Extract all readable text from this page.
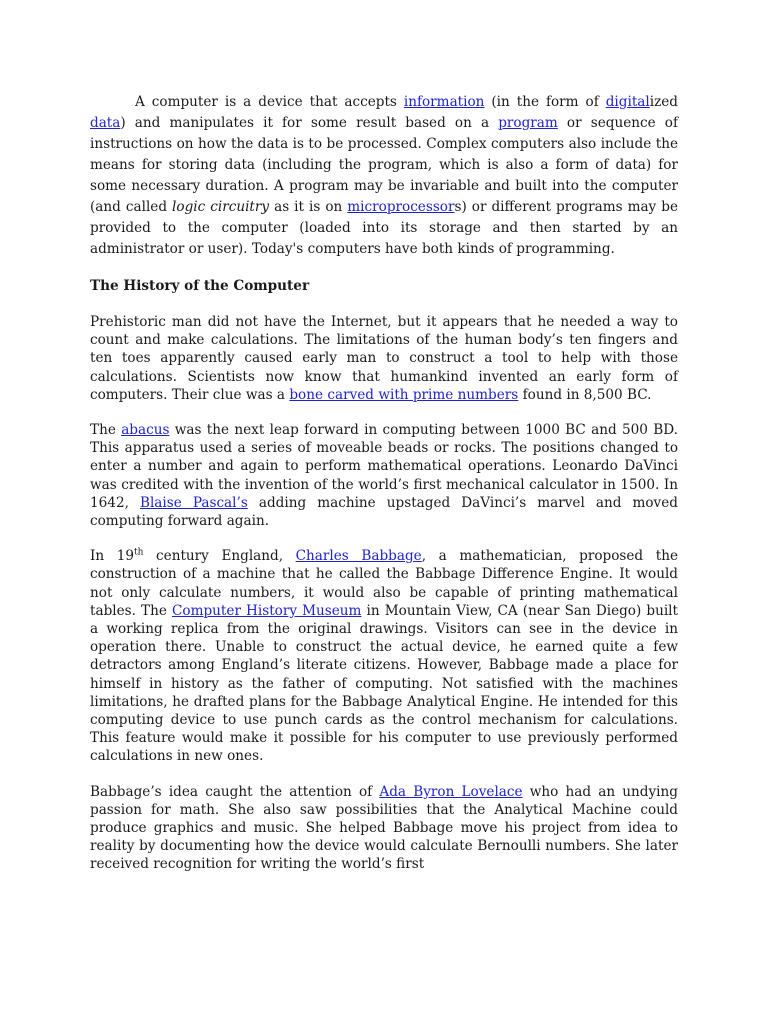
A computer is a device that accepts information (in the form of digitalized data) and manipulates it for some result based on a program or sequence of instructions on how the data is to be processed. Complex computers also include the means for storing data (including the program, which is also a form of data) for some necessary duration. A program may be invariable and built into the computer (and called logic circuitry as it is on microprocessors) or different programs may be provided to the computer (loaded into its storage and then started by an administrator or user). Today's computers have both kinds of programming.

The History of the Computer

Prehistoric man did not have the Internet, but it appears that he needed a way to count and make calculations. The limitations of the human body’s ten fingers and ten toes apparently caused early man to construct a tool to help with those calculations. Scientists now know that humankind invented an early form of computers. Their clue was a bone carved with prime numbers found in 8,500 BC.

The abacus was the next leap forward in computing between 1000 BC and 500 BD. This apparatus used a series of moveable beads or rocks. The positions changed to enter a number and again to perform mathematical operations. Leonardo DaVinci was credited with the invention of the world’s first mechanical calculator in 1500. In 1642, Blaise Pascal’s adding machine upstaged DaVinci’s marvel and moved computing forward again.

In 19th century England, Charles Babbage, a mathematician, proposed the construction of a machine that he called the Babbage Difference Engine. It would not only calculate numbers, it would also be capable of printing mathematical tables. The Computer History Museum in Mountain View, CA (near San Diego) built a working replica from the original drawings. Visitors can see in the device in operation there. Unable to construct the actual device, he earned quite a few detractors among England’s literate citizens. However, Babbage made a place for himself in history as the father of computing. Not satisfied with the machines limitations, he drafted plans for the Babbage Analytical Engine. He intended for this computing device to use punch cards as the control mechanism for calculations. This feature would make it possible for his computer to use previously performed calculations in new ones.

Babbage’s idea caught the attention of Ada Byron Lovelace who had an undying passion for math. She also saw possibilities that the Analytical Machine could produce graphics and music. She helped Babbage move his project from idea to reality by documenting how the device would calculate Bernoulli numbers. She later received recognition for writing the world’s first
